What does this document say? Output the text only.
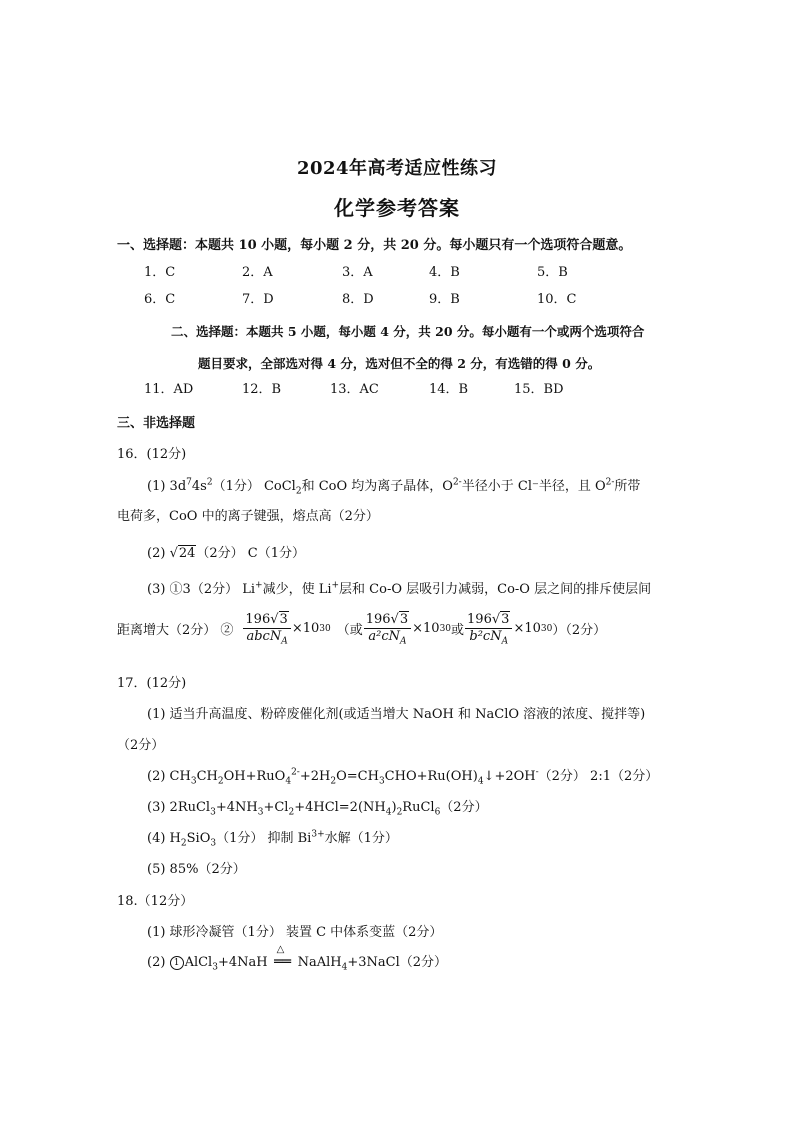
2024年高考适应性练习
化学参考答案
一、选择题：本题共 10 小题，每小题 2 分，共 20 分。每小题只有一个选项符合题意。
1．C	2．A	3．A	4．B	5．B
6．C	7．D	8．D	9．B	10．C
二、选择题：本题共 5 小题，每小题 4 分，共 20 分。每小题有一个或两个选项符合
题目要求，全部选对得 4 分，选对但不全的得 2 分，有选错的得 0 分。
11．AD	12．B	13．AC	14．B	15．BD
三、非选择题
16．(12分)
(1) $3d^74s^2(1$分） CoCl$_2$和 CoO 均为离子晶体，$O^{2-}$半径小于 Cl⁻半径，且 $O^{2-}$所带
电荷多，CoO 中的离子键强，熔点高（2分）
(2) √24（2分） C（1分）
(3) ①3（2分） Li+减少，使 Li+层和 Co-O 层吸引力减弱，Co-O 层之间的排斥使层间
距离增大（2分） ② $\frac{196√3}{abcN_A} \times 10$ 30 （或 $\frac{196√3}{a^2cN_A} \times 10$ 30 或 $\frac{196√3}{b^2cN_A} \times 10$ 30 ）（2分）
17．(12分)
(1) 适当升高温度、粉碎废催化剂(或适当增大 NaOH 和 NaClO 溶液的浓度、搅拌等)
（2分）
(2) $CH_3CH_2OH+RuO_4^{2-}+2H_2O=CH_3CHO+Ru(OH)_4↓+2OH^-(2$分） 2:1（2分）
(3) $2RuCl_3+4NH_3+Cl_2+4HCl=2(NH_4)_2RuCl_6(2$分）
(4) $H_2SiO_3(1$分） 抑制 $Bi^{3+}$水解（1分）
(5) 85%（2分）
18.（12分）
(1) 球形冷凝管（1分） 装置 C 中体系变蓝（2分）
(2) 1 AlCl$_3$+4NaH
△
══ NaAlH$_4$+3NaCl（2分）
